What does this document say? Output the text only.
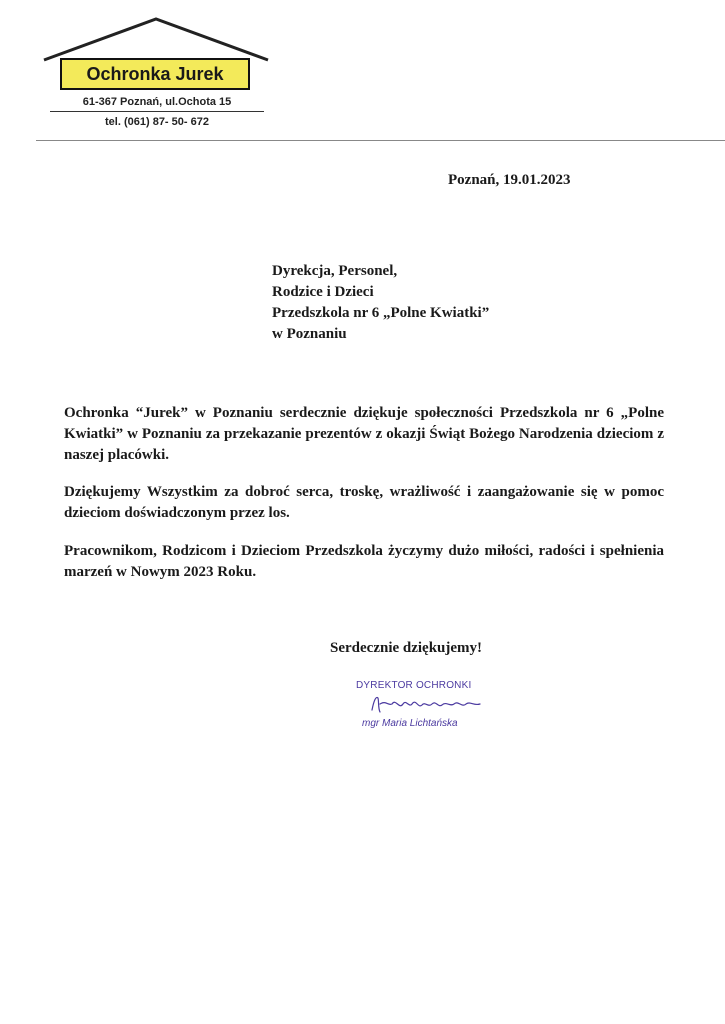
Ochronka Jurek
61-367 Poznań, ul.Ochota 15
tel. (061) 87- 50- 672
Poznań, 19.01.2023
Dyrekcja, Personel,
Rodzice i Dzieci
Przedszkola nr 6 „Polne Kwiatki”
w Poznaniu
Ochronka “Jurek” w Poznaniu serdecznie dziękuje społeczności Przedszkola nr 6 „Polne Kwiatki” w Poznaniu za przekazanie prezentów z okazji Świąt Bożego Narodzenia dzieciom z naszej placówki.
Dziękujemy Wszystkim za dobroć serca, troskę, wrażliwość i zaangażowanie się w pomoc dzieciom doświadczonym przez los.
Pracownikom, Rodzicom i Dzieciom Przedszkola życzymy dużo miłości, radości i spełnienia marzeń w Nowym 2023 Roku.
Serdecznie dziękujemy!
DYREKTOR OCHRONKI
mgr Maria Lichtańska
